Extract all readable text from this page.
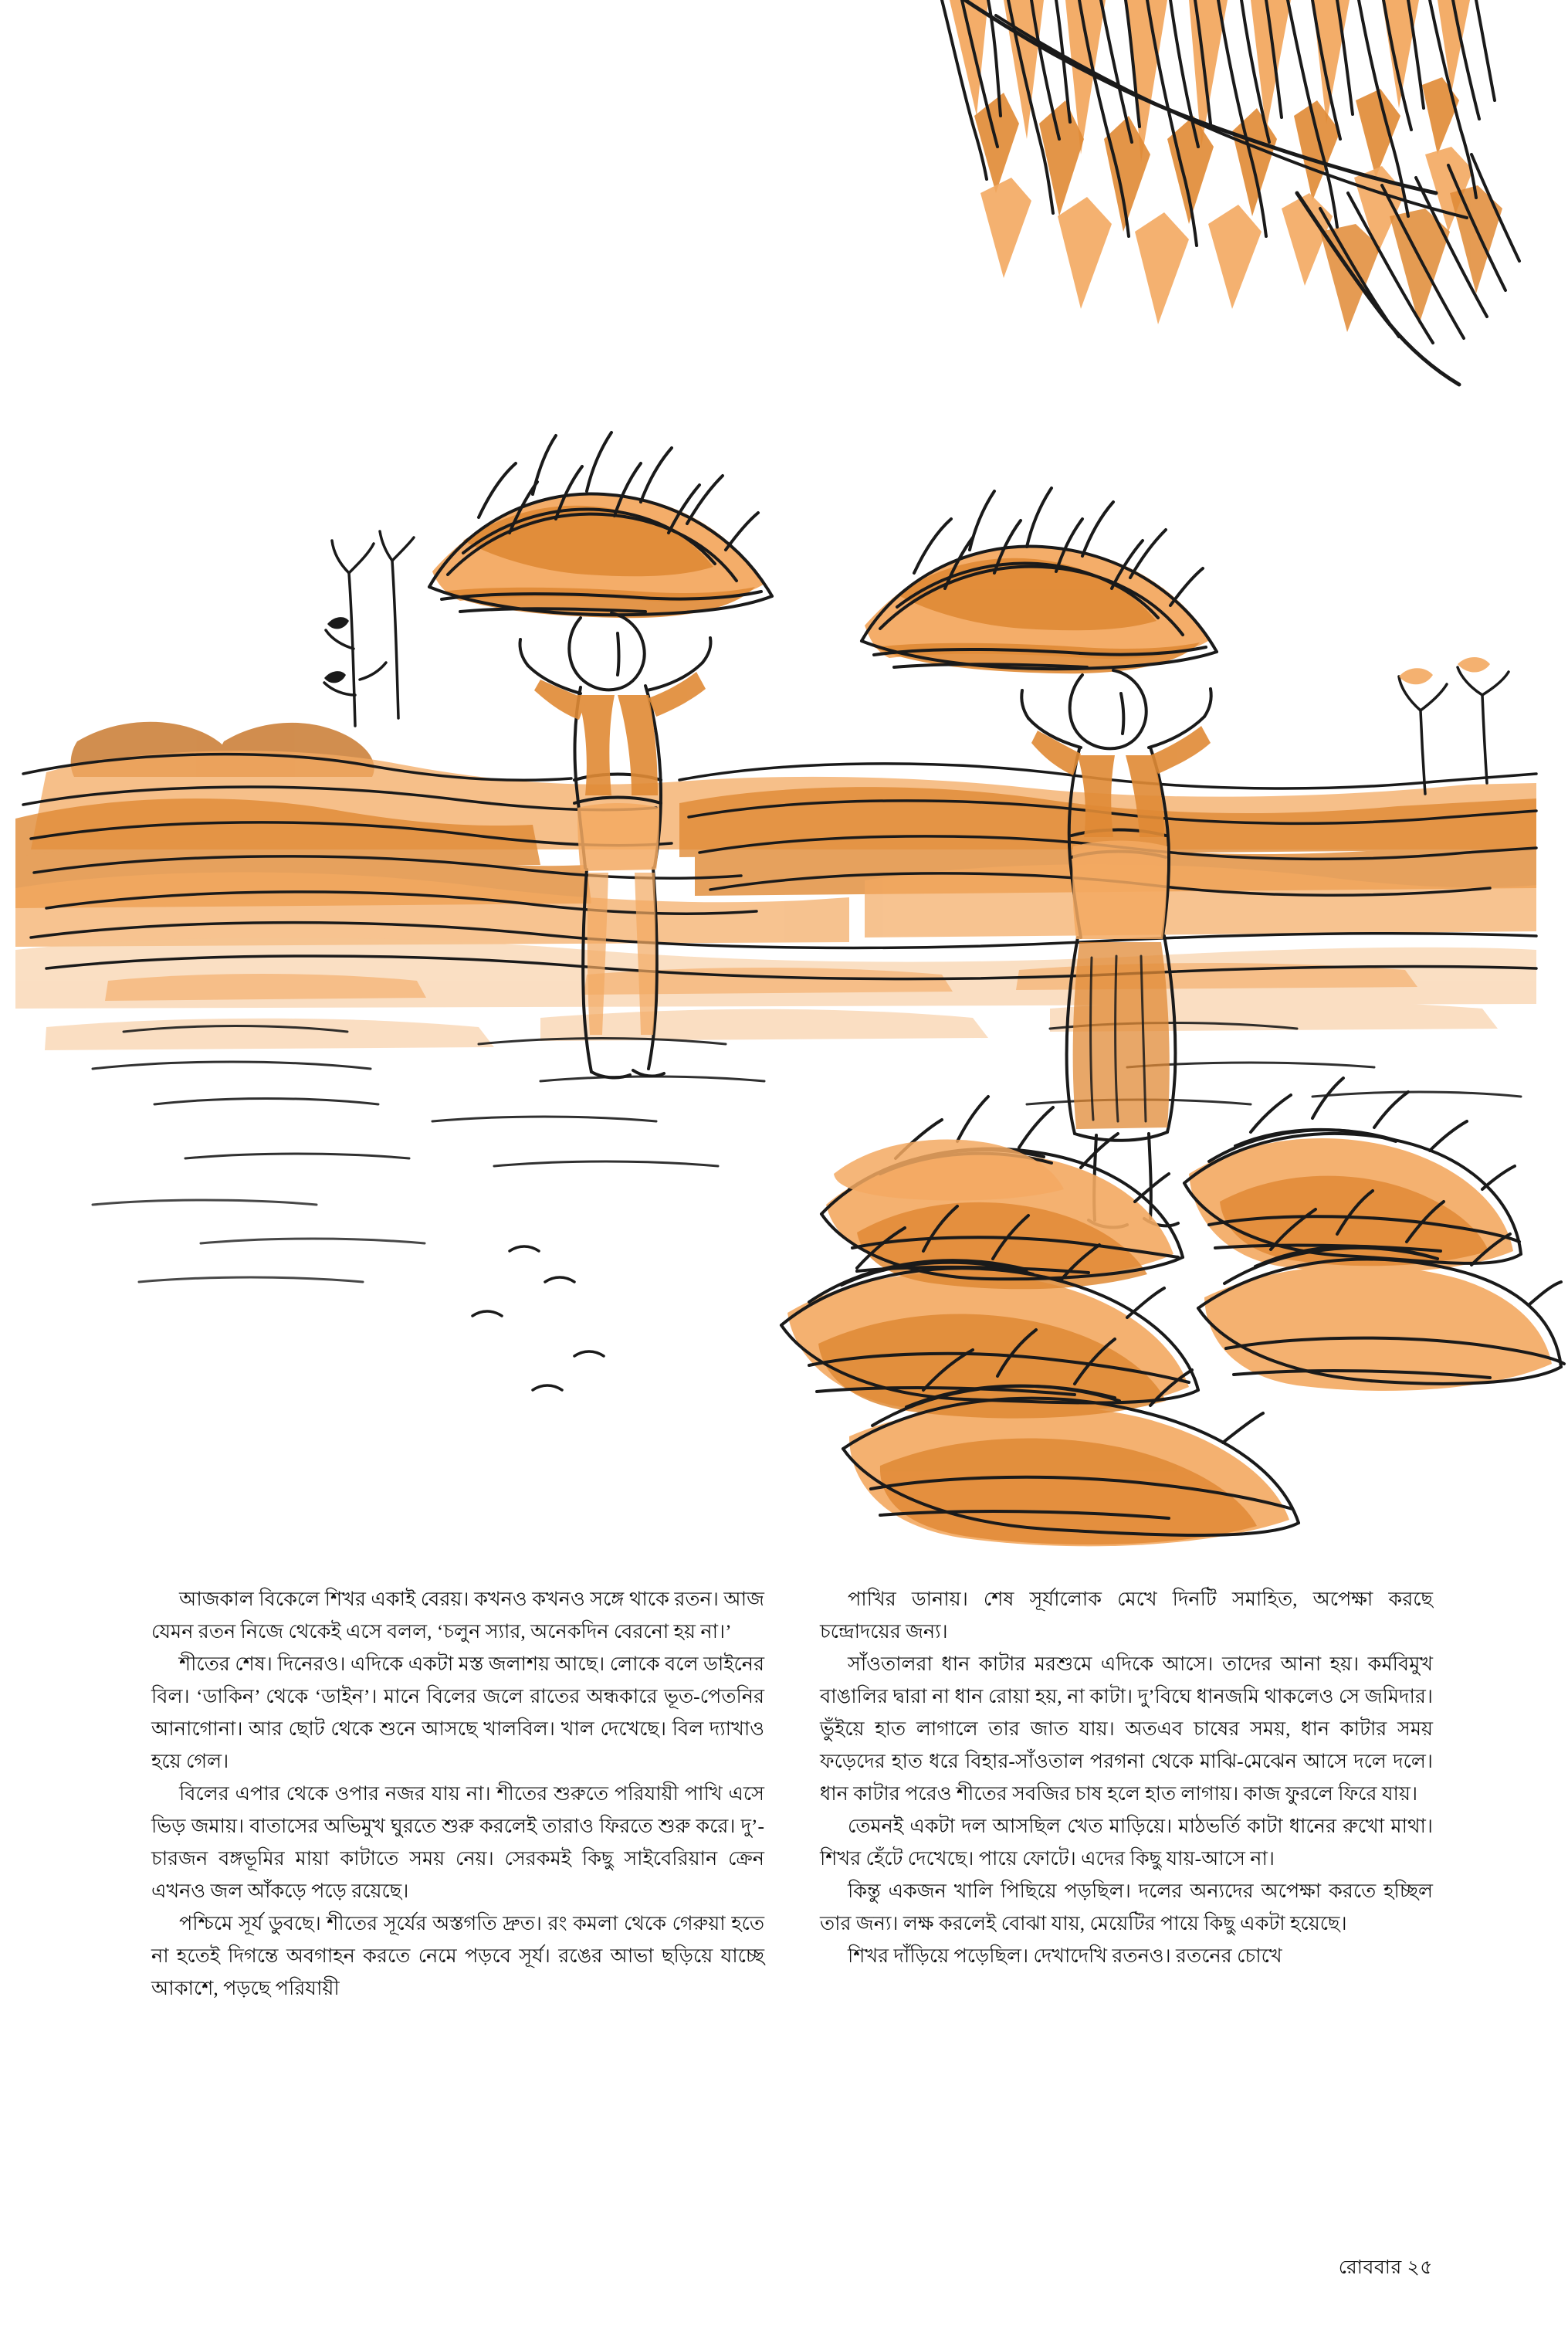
আজকাল বিকেলে শিখর একাই বেরয়। কখনও কখনও সঙ্গে থাকে রতন। আজ যেমন রতন নিজে থেকেই এসে বলল, ‘চলুন স্যার, অনেকদিন বেরনো হয় না।’

শীতের শেষ। দিনেরও। এদিকে একটা মস্ত জলাশয় আছে। লোকে বলে ডাইনের বিল। ‘ডাকিন’ থেকে ‘ডাইন’। মানে বিলের জলে রাতের অন্ধকারে ভূত-পেতনির আনাগোনা। আর ছোট থেকে শুনে আসছে খালবিল। খাল দেখেছে। বিল দ্যাখাও হয়ে গেল।

বিলের এপার থেকে ওপার নজর যায় না। শীতের শুরুতে পরিযায়ী পাখি এসে ভিড় জমায়। বাতাসের অভিমুখ ঘুরতে শুরু করলেই তারাও ফিরতে শুরু করে। দু’-চারজন বঙ্গভূমির মায়া কাটাতে সময় নেয়। সেরকমই কিছু সাইবেরিয়ান ক্রেন এখনও জল আঁকড়ে পড়ে রয়েছে।

পশ্চিমে সূর্য ডুবছে। শীতের সূর্যের অস্তগতি দ্রুত। রং কমলা থেকে গেরুয়া হতে না হতেই দিগন্তে অবগাহন করতে নেমে পড়বে সূর্য। রঙের আভা ছড়িয়ে যাচ্ছে আকাশে, পড়ছে পরিযায়ী

পাখির ডানায়। শেষ সূর্যালোক মেখে দিনটি সমাহিত, অপেক্ষা করছে চন্দ্রোদয়ের জন্য।

সাঁওতালরা ধান কাটার মরশুমে এদিকে আসে। তাদের আনা হয়। কর্মবিমুখ বাঙালির দ্বারা না ধান রোয়া হয়, না কাটা। দু’বিঘে ধানজমি থাকলেও সে জমিদার। ভুঁইয়ে হাত লাগালে তার জাত যায়। অতএব চাষের সময়, ধান কাটার সময় ফড়েদের হাত ধরে বিহার-সাঁওতাল পরগনা থেকে মাঝি-মেঝেন আসে দলে দলে। ধান কাটার পরেও শীতের সবজির চাষ হলে হাত লাগায়। কাজ ফুরলে ফিরে যায়।

তেমনই একটা দল আসছিল খেত মাড়িয়ে। মাঠভর্তি কাটা ধানের রুখো মাথা। শিখর হেঁটে দেখেছে। পায়ে ফোটে। এদের কিছু যায়-আসে না।

কিন্তু একজন খালি পিছিয়ে পড়ছিল। দলের অন্যদের অপেক্ষা করতে হচ্ছিল তার জন্য। লক্ষ করলেই বোঝা যায়, মেয়েটির পায়ে কিছু একটা হয়েছে।

শিখর দাঁড়িয়ে পড়েছিল। দেখাদেখি রতনও। রতনের চোখে

রোববার ২৫
